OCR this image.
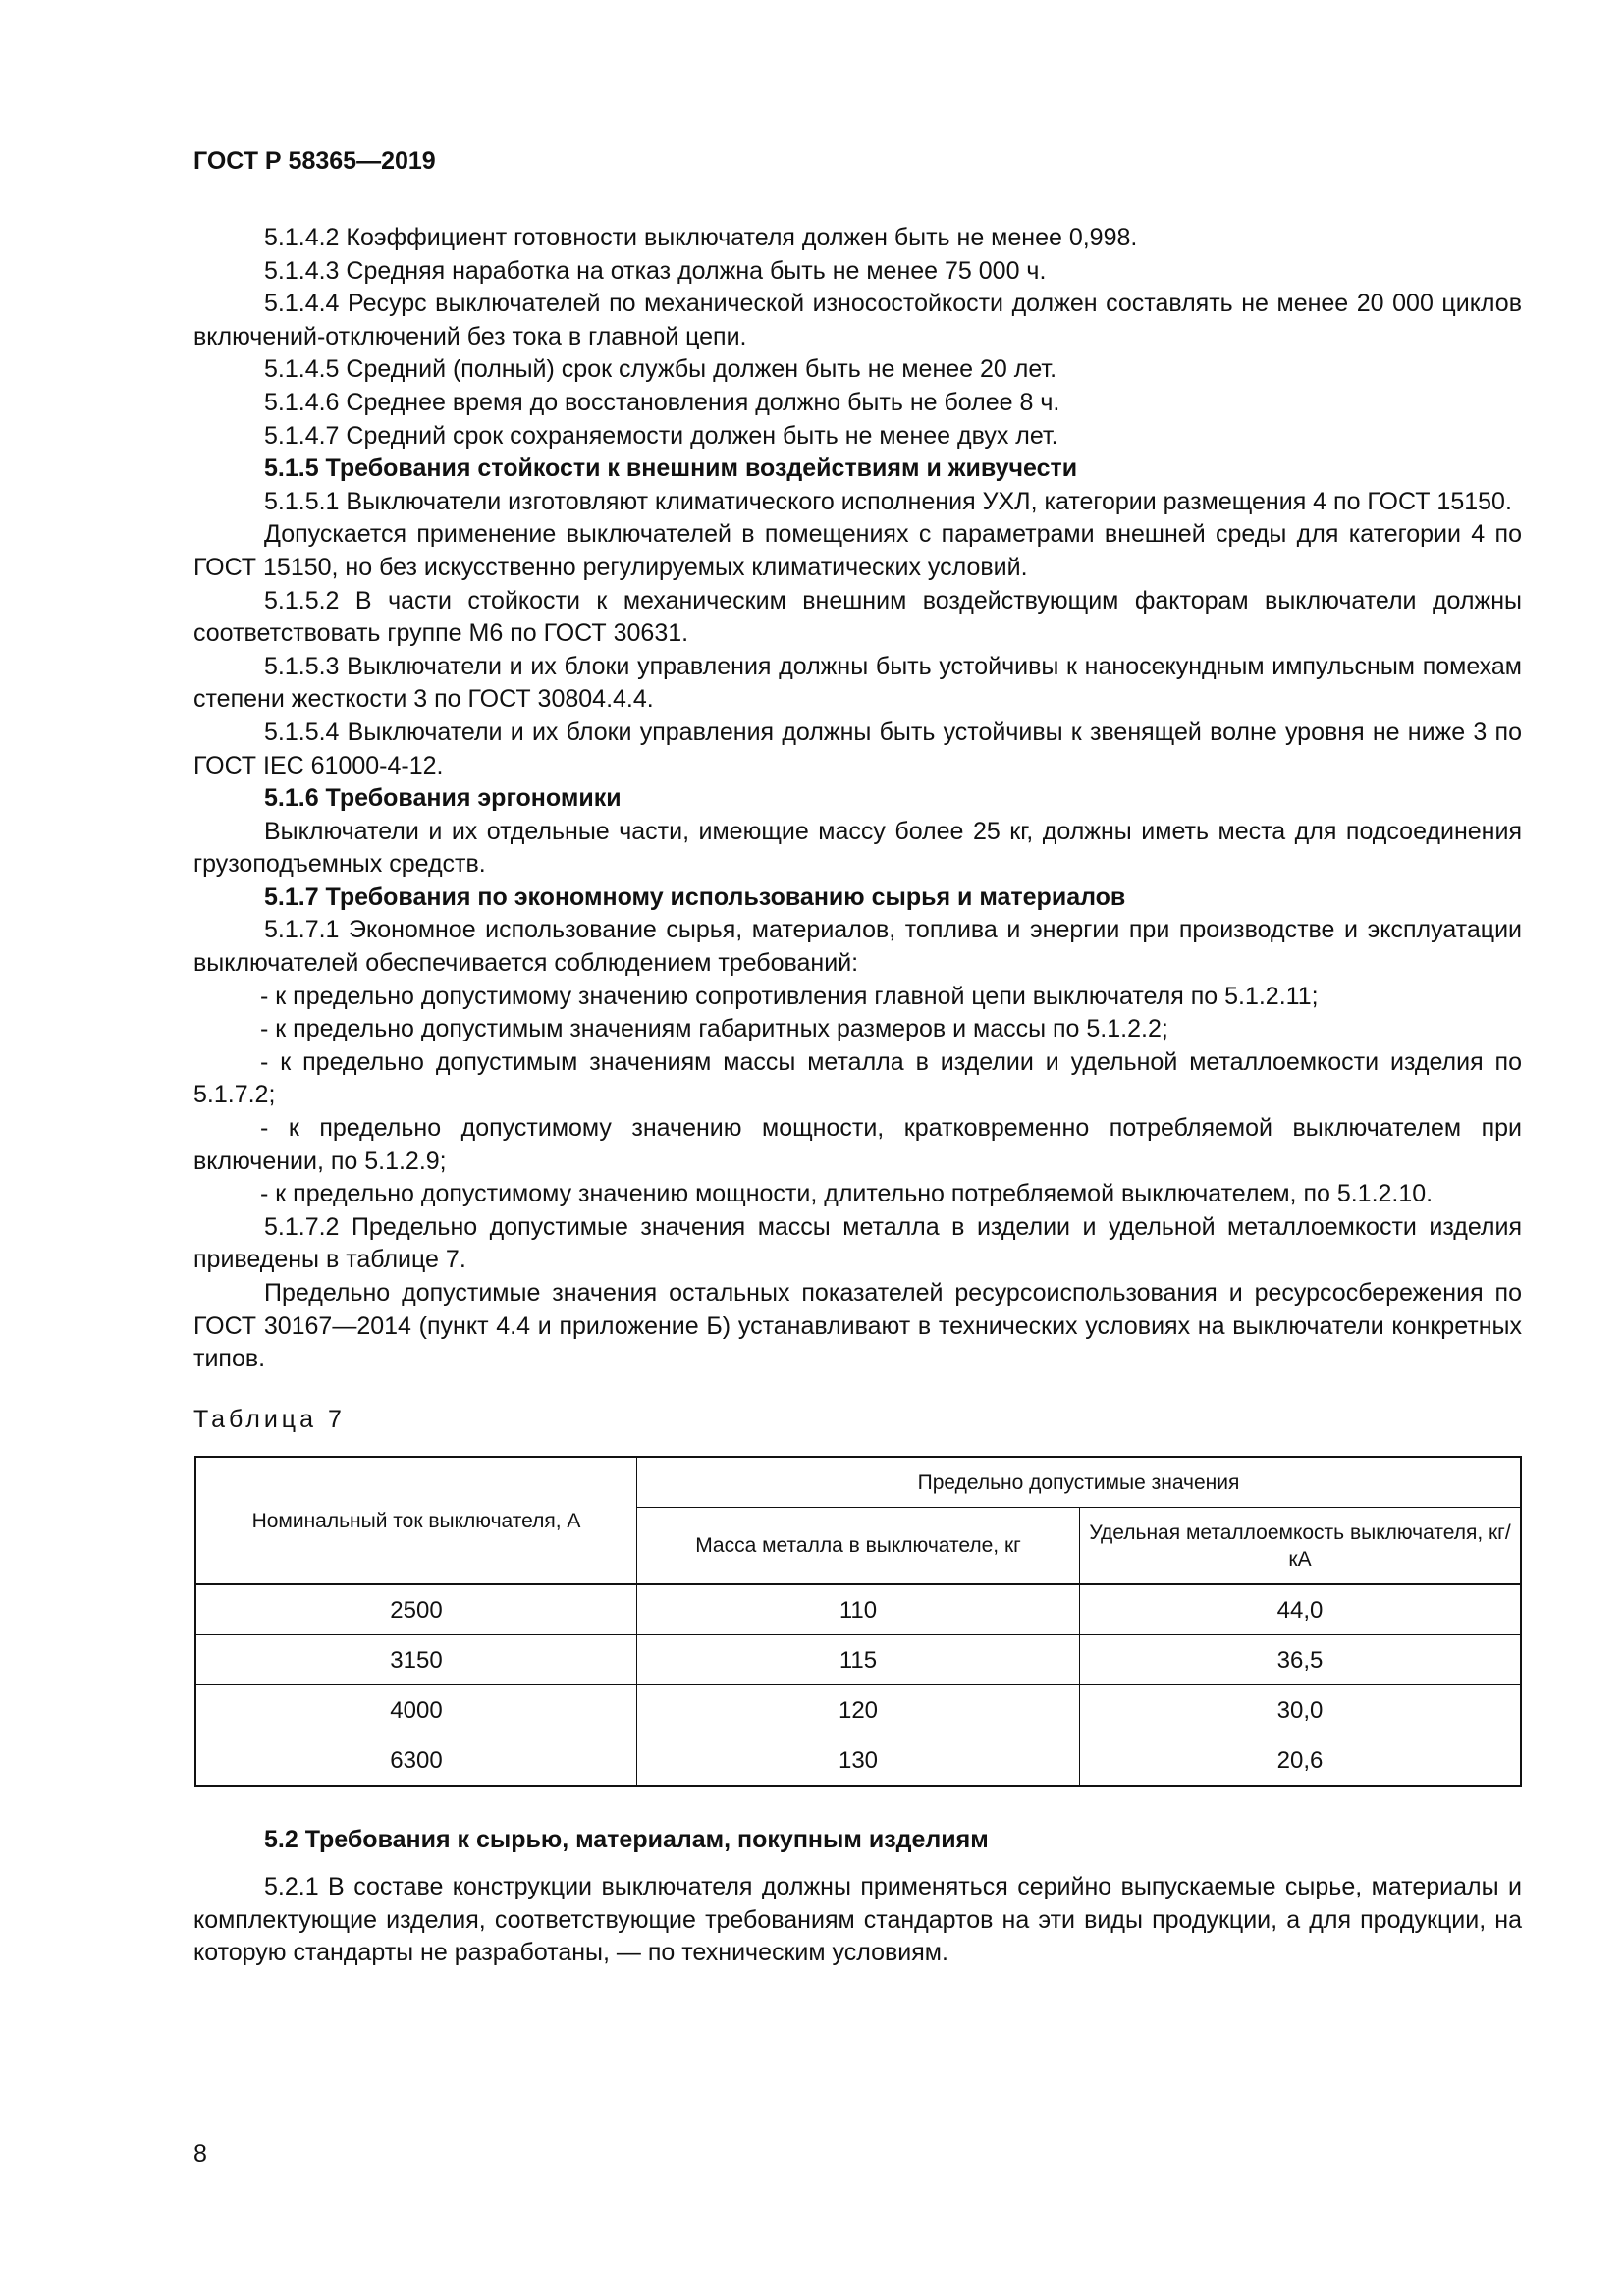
ГОСТ Р 58365—2019

5.1.4.2 Коэффициент готовности выключателя должен быть не менее 0,998.

5.1.4.3 Средняя наработка на отказ должна быть не менее 75 000 ч.

5.1.4.4 Ресурс выключателей по механической износостойкости должен составлять не менее 20 000 циклов включений-отключений без тока в главной цепи.

5.1.4.5 Средний (полный) срок службы должен быть не менее 20 лет.

5.1.4.6 Среднее время до восстановления должно быть не более 8 ч.

5.1.4.7 Средний срок сохраняемости должен быть не менее двух лет.

5.1.5 Требования стойкости к внешним воздействиям и живучести

5.1.5.1 Выключатели изготовляют климатического исполнения УХЛ, категории размещения 4 по ГОСТ 15150.

Допускается применение выключателей в помещениях с параметрами внешней среды для категории 4 по ГОСТ 15150, но без искусственно регулируемых климатических условий.

5.1.5.2 В части стойкости к механическим внешним воздействующим факторам выключатели должны соответствовать группе М6 по ГОСТ 30631.

5.1.5.3 Выключатели и их блоки управления должны быть устойчивы к наносекундным импульсным помехам степени жесткости 3 по ГОСТ 30804.4.4.

5.1.5.4 Выключатели и их блоки управления должны быть устойчивы к звенящей волне уровня не ниже 3 по ГОСТ IEC 61000-4-12.

5.1.6 Требования эргономики

Выключатели и их отдельные части, имеющие массу более 25 кг, должны иметь места для подсоединения грузоподъемных средств.

5.1.7 Требования по экономному использованию сырья и материалов

5.1.7.1 Экономное использование сырья, материалов, топлива и энергии при производстве и эксплуатации выключателей обеспечивается соблюдением требований:

- к предельно допустимому значению сопротивления главной цепи выключателя по 5.1.2.11;

- к предельно допустимым значениям габаритных размеров и массы по 5.1.2.2;

- к предельно допустимым значениям массы металла в изделии и удельной металлоемкости изделия по 5.1.7.2;

- к предельно допустимому значению мощности, кратковременно потребляемой выключателем при включении, по 5.1.2.9;

- к предельно допустимому значению мощности, длительно потребляемой выключателем, по 5.1.2.10.

5.1.7.2 Предельно допустимые значения массы металла в изделии и удельной металлоемкости изделия приведены в таблице 7.

Предельно допустимые значения остальных показателей ресурсоиспользования и ресурсосбережения по ГОСТ 30167—2014 (пункт 4.4 и приложение Б) устанавливают в технических условиях на выключатели конкретных типов.

Таблица 7

Номинальный ток выключателя, А	Предельно допустимые значения	
	Масса металла в выключателе, кг	Удельная металлоемкость выключателя, кг/кА
2500	110	44,0
3150	115	36,5
4000	120	30,0
6300	130	20,6

5.2 Требования к сырью, материалам, покупным изделиям

5.2.1 В составе конструкции выключателя должны применяться серийно выпускаемые сырье, материалы и комплектующие изделия, соответствующие требованиям стандартов на эти виды продукции, а для продукции, на которую стандарты не разработаны, — по техническим условиям.

8
